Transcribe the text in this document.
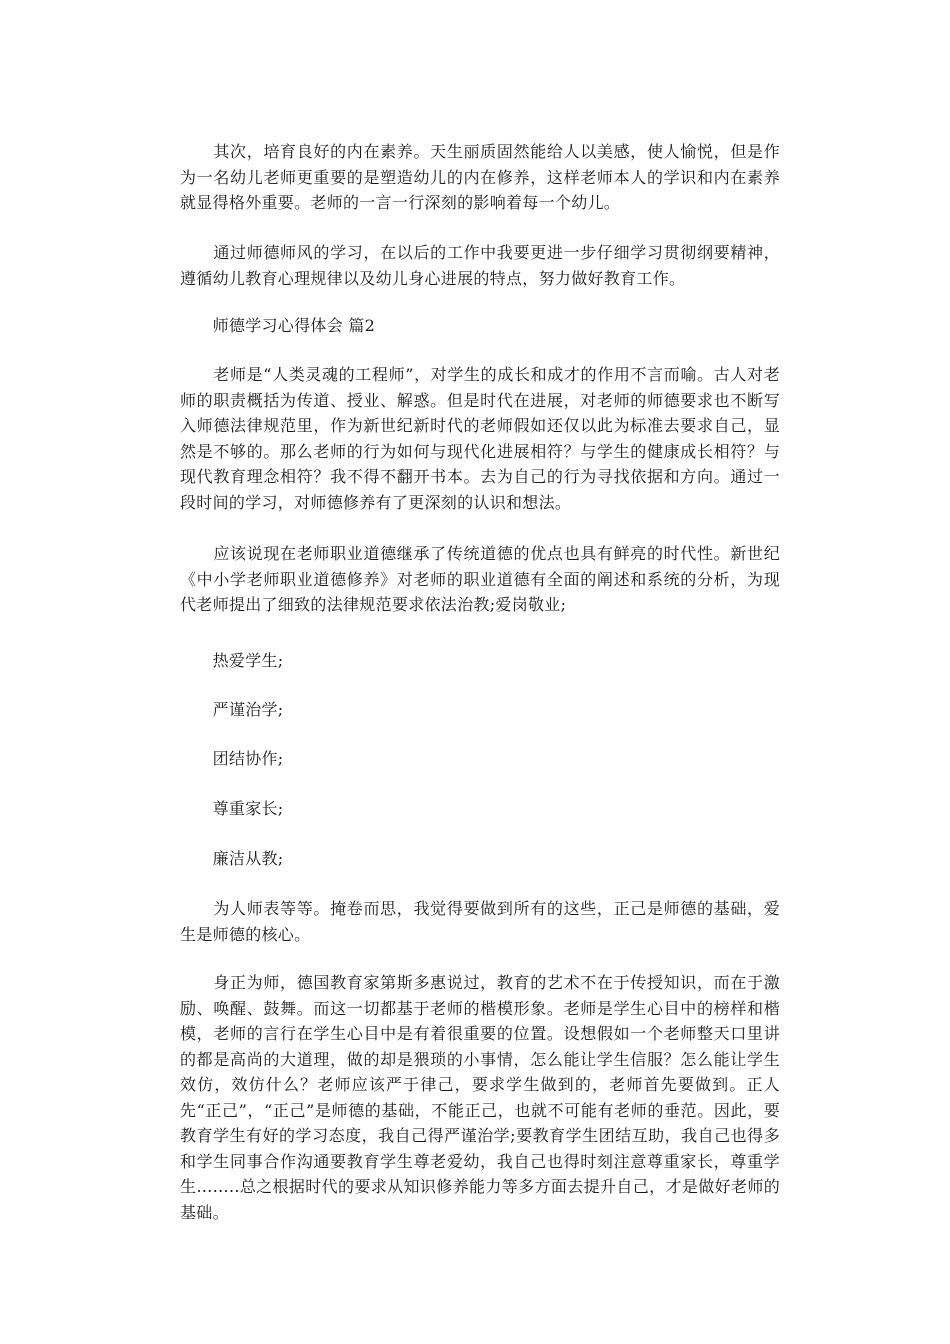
　　其次，培育良好的内在素养。天生丽质固然能给人以美感，使人愉悦，但是作为一名幼儿老师更重要的是塑造幼儿的内在修养，这样老师本人的学识和内在素养就显得格外重要。老师的一言一行深刻的影响着每一个幼儿。

　　通过师德师风的学习，在以后的工作中我要更进一步仔细学习贯彻纲要精神，遵循幼儿教育心理规律以及幼儿身心进展的特点，努力做好教育工作。

　　师德学习心得体会 篇2

　　老师是“人类灵魂的工程师”，对学生的成长和成才的作用不言而喻。古人对老师的职责概括为传道、授业、解惑。但是时代在进展，对老师的师德要求也不断写入师德法律规范里，作为新世纪新时代的老师假如还仅以此为标准去要求自己，显然是不够的。那么老师的行为如何与现代化进展相符？与学生的健康成长相符？与现代教育理念相符？我不得不翻开书本。去为自己的行为寻找依据和方向。通过一段时间的学习，对师德修养有了更深刻的认识和想法。

　　应该说现在老师职业道德继承了传统道德的优点也具有鲜亮的时代性。新世纪《中小学老师职业道德修养》对老师的职业道德有全面的阐述和系统的分析，为现代老师提出了细致的法律规范要求依法治教;爱岗敬业;

　　热爱学生;

　　严谨治学;

　　团结协作;

　　尊重家长;

　　廉洁从教;

　　为人师表等等。掩卷而思，我觉得要做到所有的这些，正己是师德的基础，爱生是师德的核心。

　　身正为师，德国教育家第斯多惠说过，教育的艺术不在于传授知识，而在于激励、唤醒、鼓舞。而这一切都基于老师的楷模形象。老师是学生心目中的榜样和楷模，老师的言行在学生心目中是有着很重要的位置。设想假如一个老师整天口里讲的都是高尚的大道理，做的却是猥琐的小事情，怎么能让学生信服？怎么能让学生效仿，效仿什么？老师应该严于律己，要求学生做到的，老师首先要做到。正人先“正己”，“正己”是师德的基础，不能正己，也就不可能有老师的垂范。因此，要教育学生有好的学习态度，我自己得严谨治学;要教育学生团结互助，我自己也得多和学生同事合作沟通要教育学生尊老爱幼，我自己也得时刻注意尊重家长，尊重学生……..总之根据时代的要求从知识修养能力等多方面去提升自己，才是做好老师的基础。
